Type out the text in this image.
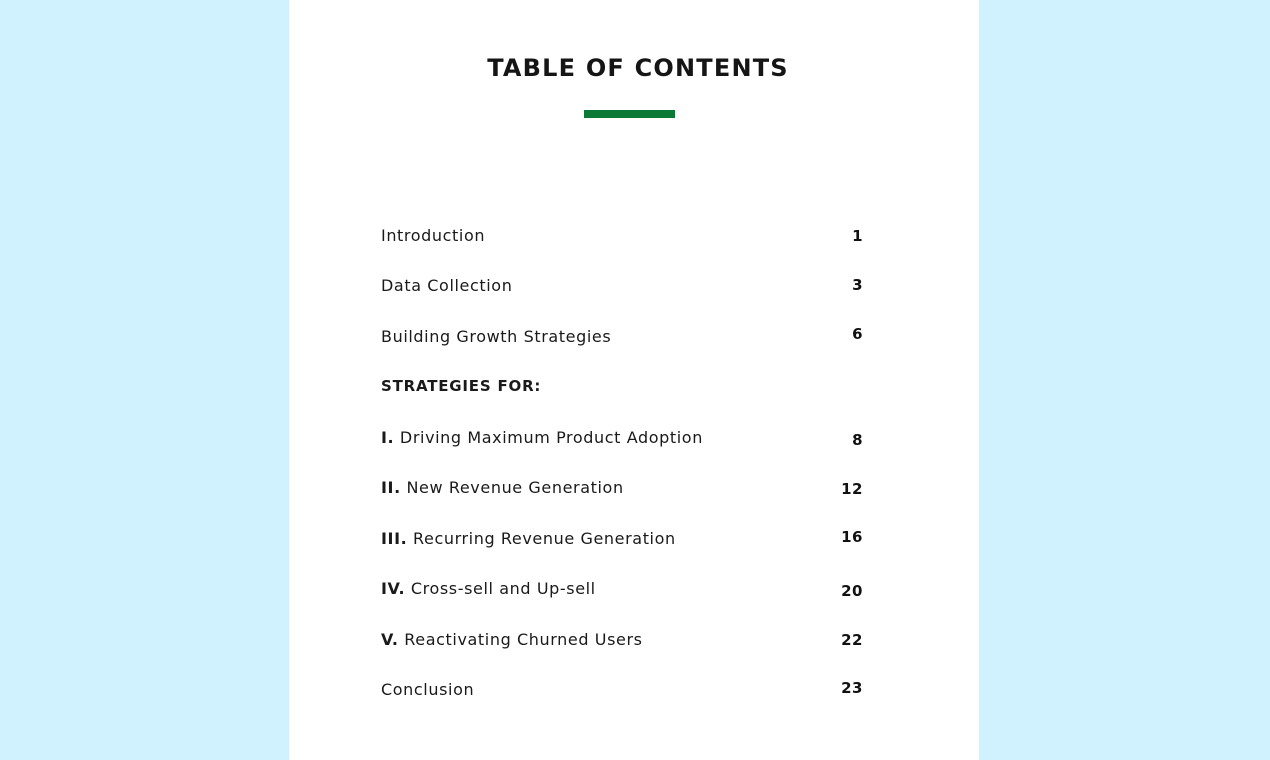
TABLE OF CONTENTS
Introduction	1
Data Collection	3
Building Growth Strategies	6
STRATEGIES FOR:
I. Driving Maximum Product Adoption	8
II. New Revenue Generation	12
III. Recurring Revenue Generation	16
IV. Cross-sell and Up-sell	20
V. Reactivating Churned Users	22
Conclusion	23
